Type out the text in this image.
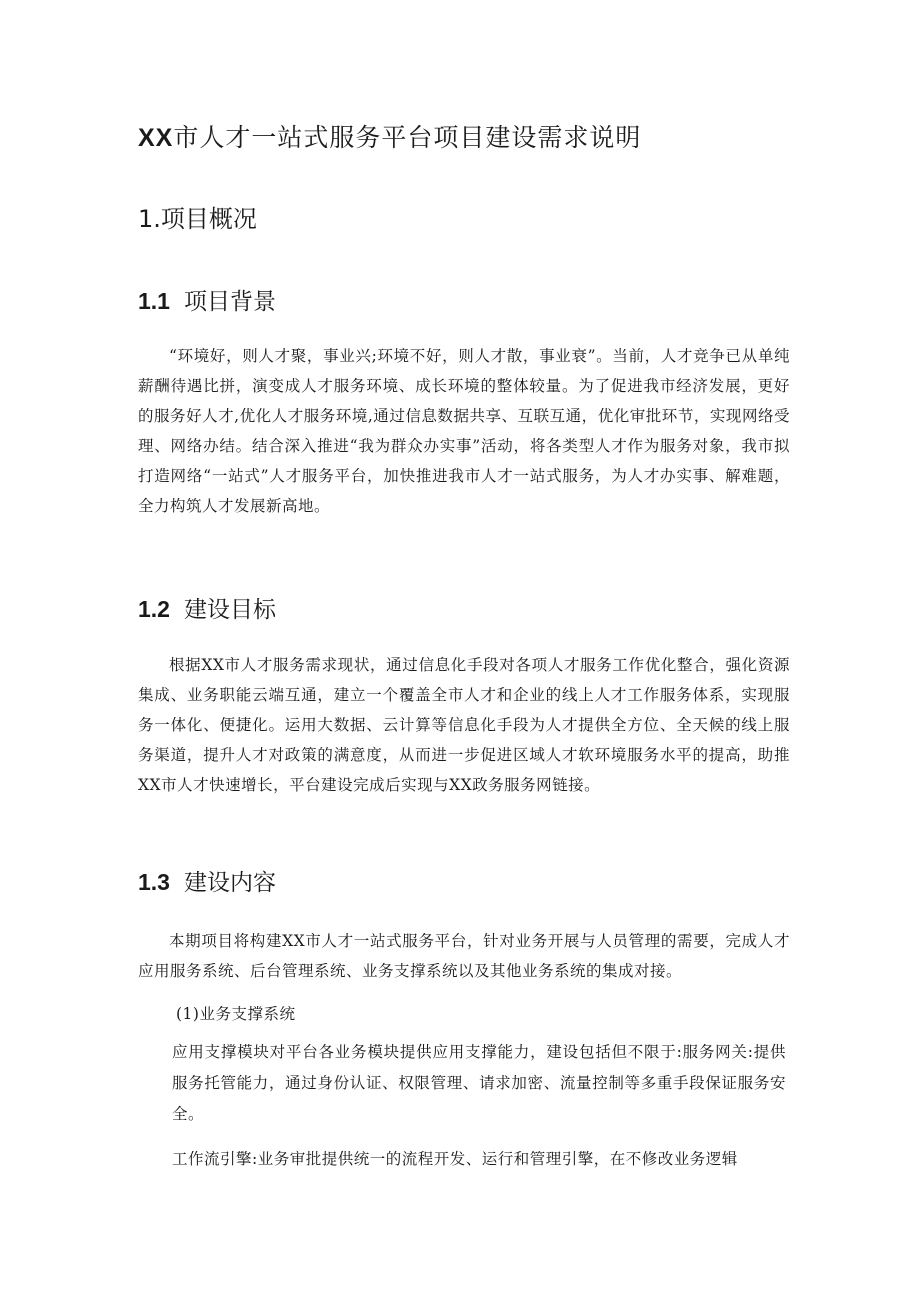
XX市人才一站式服务平台项目建设需求说明
1.项目概况
1.1 项目背景
“环境好，则人才聚，事业兴;环境不好，则人才散，事业衰”。当前，人才竞争已从单纯薪酬待遇比拼，演变成人才服务环境、成长环境的整体较量。为了促进我市经济发展，更好的服务好人才,优化人才服务环境,通过信息数据共享、互联互通，优化审批环节，实现网络受理、网络办结。结合深入推进“我为群众办实事”活动，将各类型人才作为服务对象，我市拟打造网络“一站式”人才服务平台，加快推进我市人才一站式服务，为人才办实事、解难题，全力构筑人才发展新高地。
1.2 建设目标
根据XX市人才服务需求现状，通过信息化手段对各项人才服务工作优化整合，强化资源集成、业务职能云端互通，建立一个覆盖全市人才和企业的线上人才工作服务体系，实现服务一体化、便捷化。运用大数据、云计算等信息化手段为人才提供全方位、全天候的线上服务渠道，提升人才对政策的满意度，从而进一步促进区域人才软环境服务水平的提高，助推XX市人才快速增长，平台建设完成后实现与XX政务服务网链接。
1.3 建设内容
本期项目将构建XX市人才一站式服务平台，针对业务开展与人员管理的需要，完成人才应用服务系统、后台管理系统、业务支撑系统以及其他业务系统的集成对接。
(1)业务支撑系统
应用支撑模块对平台各业务模块提供应用支撑能力，建设包括但不限于:服务网关:提供服务托管能力，通过身份认证、权限管理、请求加密、流量控制等多重手段保证服务安全。
工作流引擎:业务审批提供统一的流程开发、运行和管理引擎，在不修改业务逻辑
